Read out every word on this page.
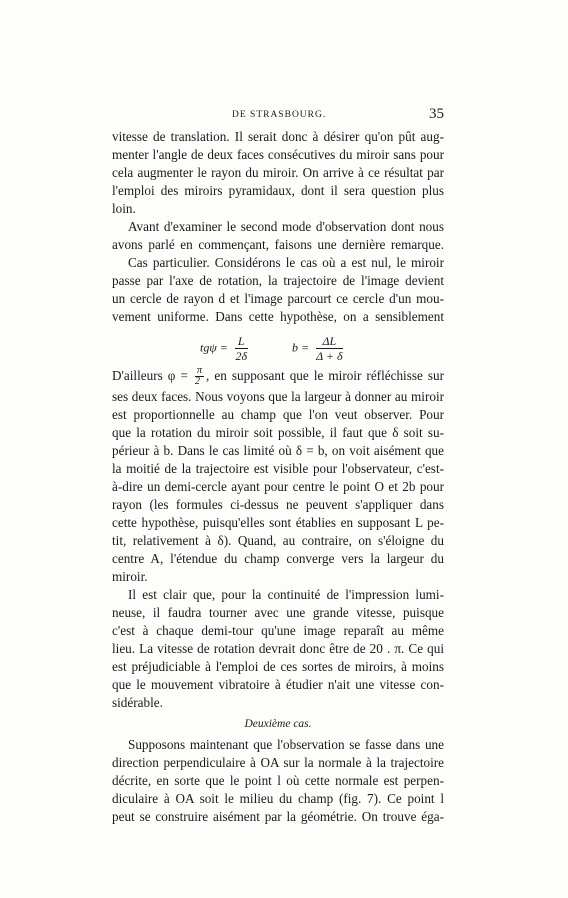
DE STRASBOURG.	35
vitesse de translation. Il serait donc à désirer qu'on pût aug-
menter l'angle de deux faces consécutives du miroir sans pour
cela augmenter le rayon du miroir. On arrive à ce résultat par
l'emploi des miroirs pyramidaux, dont il sera question plus
loin.
Avant d'examiner le second mode d'observation dont nous
avons parlé en commençant, faisons une dernière remarque.
Cas particulier. Considérons le cas où a est nul, le miroir
passe par l'axe de rotation, la trajectoire de l'image devient
un cercle de rayon d et l'image parcourt ce cercle d'un mou-
vement uniforme. Dans cette hypothèse, on a sensiblement
$tg\psi = \frac{L}{2\delta}$	$b = \frac{\Delta L}{\Delta + \delta}$
D'ailleurs $\varphi = \frac{\pi}{2}$ , en supposant que le miroir réfléchisse sur
ses deux faces. Nous voyons que la largeur à donner au miroir
est proportionnelle au champ que l'on veut observer. Pour
que la rotation du miroir soit possible, il faut que δ soit su-
périeur à b. Dans le cas limité où δ = b, on voit aisément que
la moitié de la trajectoire est visible pour l'observateur, c'est-
à-dire un demi-cercle ayant pour centre le point O et 2b pour
rayon (les formules ci-dessus ne peuvent s'appliquer dans
cette hypothèse, puisqu'elles sont établies en supposant L pe-
tit, relativement à δ). Quand, au contraire, on s'éloigne du
centre A, l'étendue du champ converge vers la largeur du
miroir.
Il est clair que, pour la continuité de l'impression lumi-
neuse, il faudra tourner avec une grande vitesse, puisque
c'est à chaque demi-tour qu'une image reparaît au même
lieu. La vitesse de rotation devrait donc être de 20 . π. Ce qui
est préjudiciable à l'emploi de ces sortes de miroirs, à moins
que le mouvement vibratoire à étudier n'ait une vitesse con-
sidérable.
Deuxième cas.
Supposons maintenant que l'observation se fasse dans une
direction perpendiculaire à OA sur la normale à la trajectoire
décrite, en sorte que le point l où cette normale est perpen-
diculaire à OA soit le milieu du champ (fig. 7). Ce point l
peut se construire aisément par la géométrie. On trouve éga-
